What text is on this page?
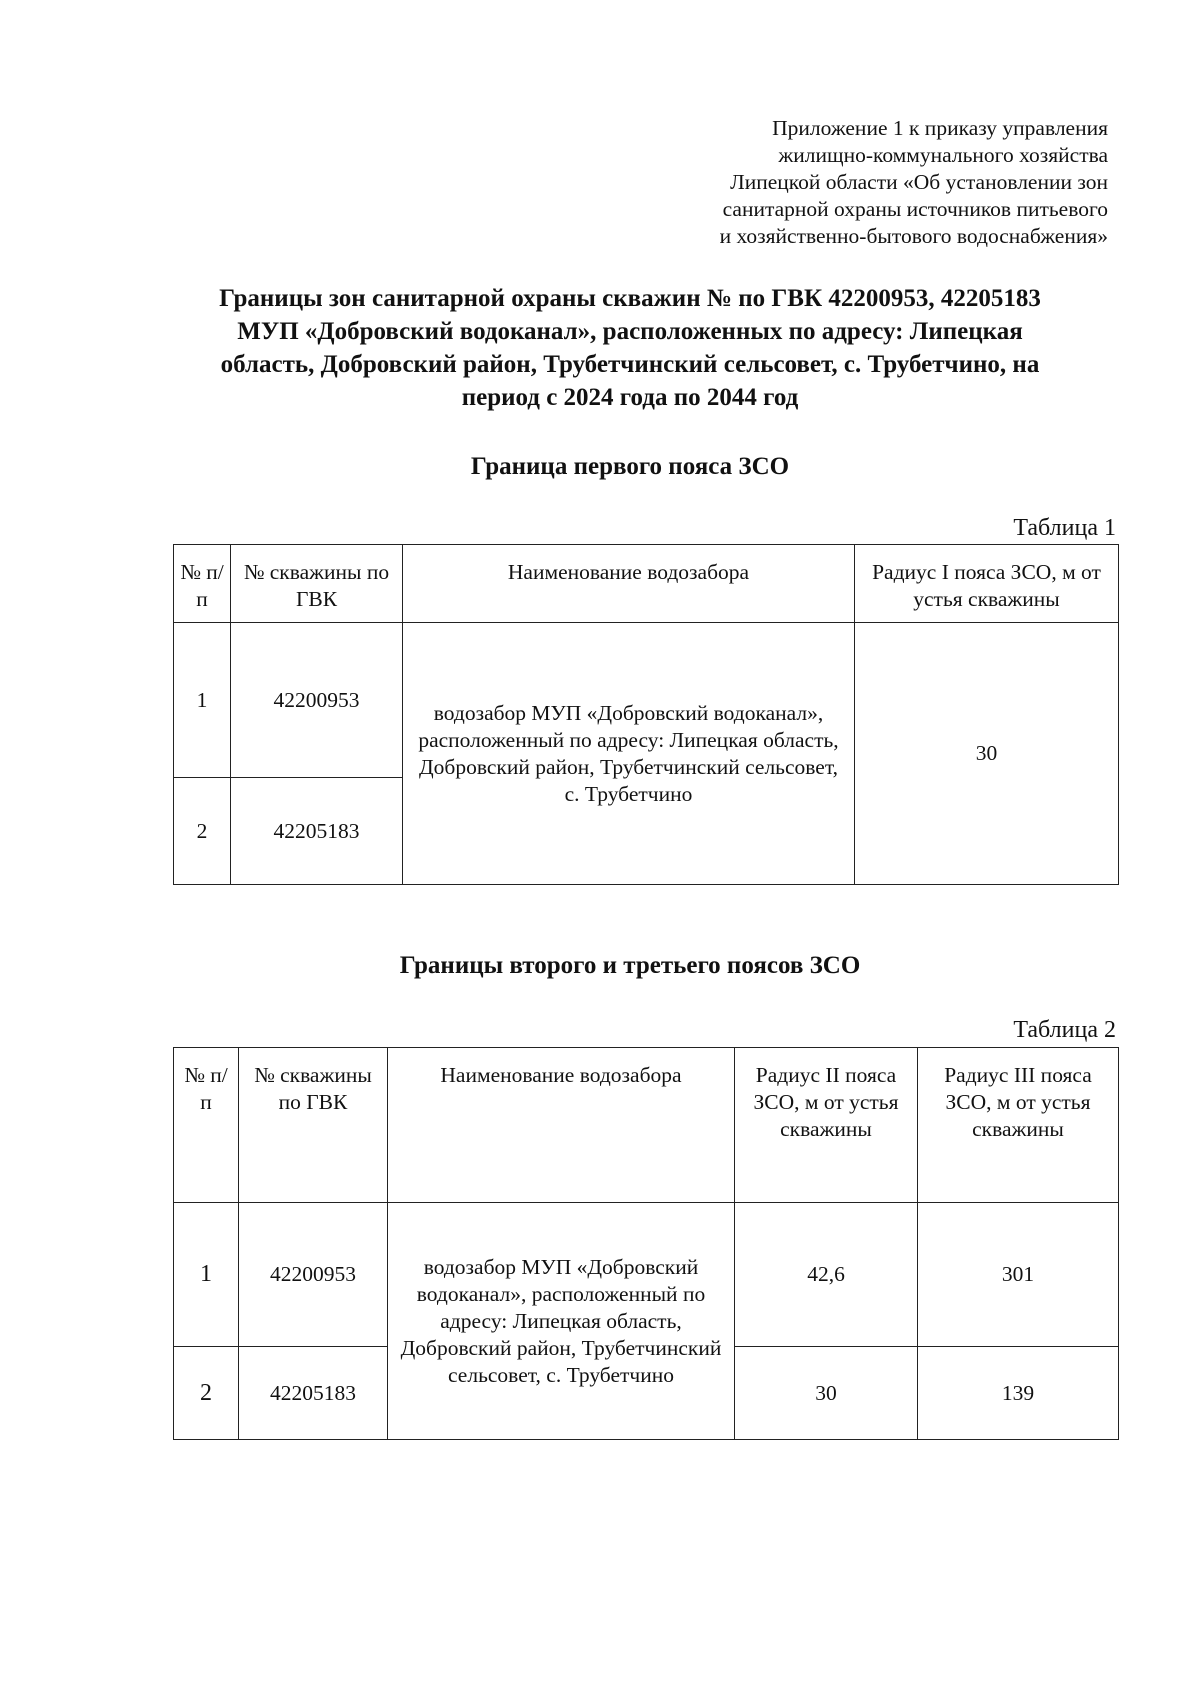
Приложение 1 к приказу управления
жилищно-коммунального хозяйства
Липецкой области «Об установлении зон
санитарной охраны источников питьевого
и хозяйственно-бытового водоснабжения»
Границы зон санитарной охраны скважин № по ГВК 42200953, 42205183
МУП «Добровский водоканал», расположенных по адресу: Липецкая
область, Добровский район, Трубетчинский сельсовет, с. Трубетчино, на
период с 2024 года по 2044 год
Граница первого пояса ЗСО
Таблица 1
№ п/п	№ скважины по ГВК	Наименование водозабора	Радиус I пояса ЗСО, м от устья скважины
1	42200953	водозабор МУП «Добровский водоканал», расположенный по адресу: Липецкая область, Добровский район, Трубетчинский сельсовет, с. Трубетчино	30
2	42205183		
Границы второго и третьего поясов ЗСО
Таблица 2
№ п/п	№ скважины по ГВК	Наименование водозабора	Радиус II пояса ЗСО, м от устья скважины	Радиус III пояса ЗСО, м от устья скважины
1	42200953	водозабор МУП «Добровский водоканал», расположенный по адресу: Липецкая область, Добровский район, Трубетчинский сельсовет, с. Трубетчино	42,6	301
2	42205183		30	139
